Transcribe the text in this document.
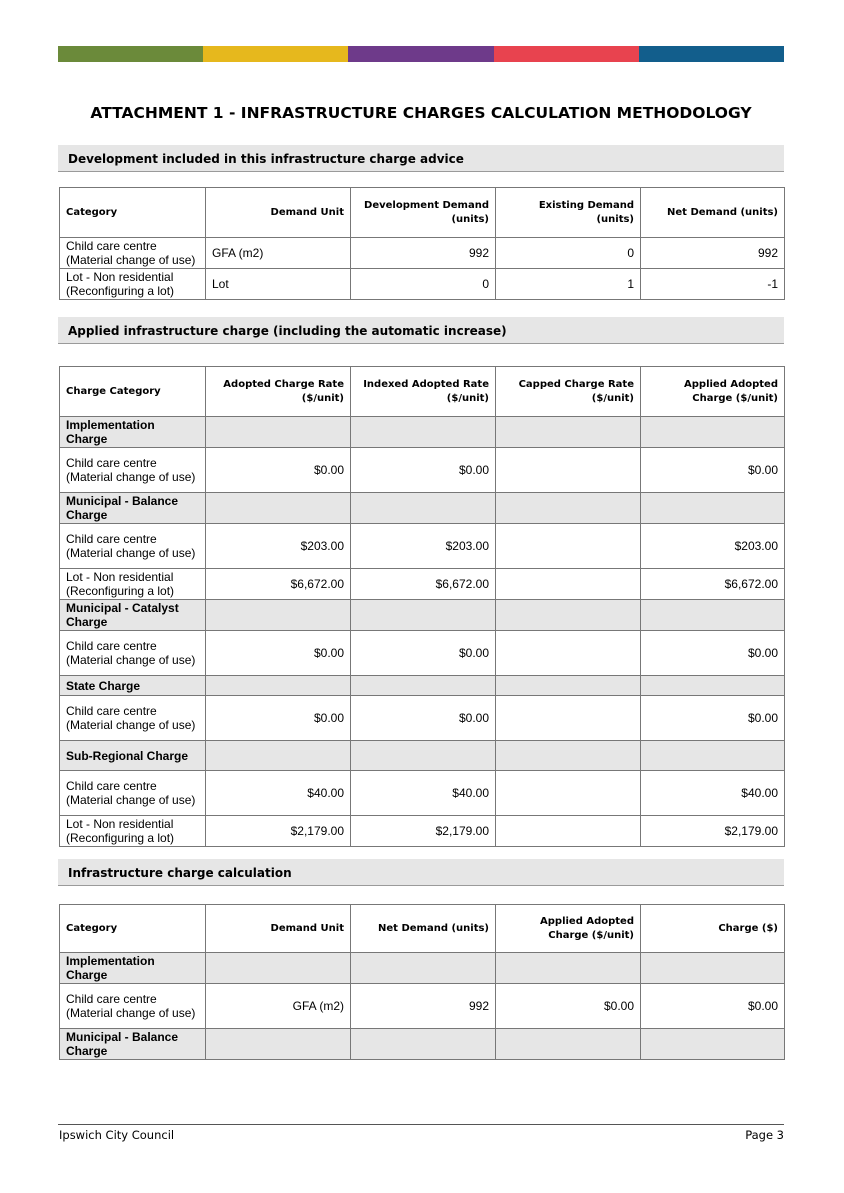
ATTACHMENT 1 - INFRASTRUCTURE CHARGES CALCULATION METHODOLOGY
Development included in this infrastructure charge advice
Category	Demand Unit	Development Demand (units)	Existing Demand (units)	Net Demand (units)
Child care centre (Material change of use)	GFA (m2)	992	0	992
Lot - Non residential (Reconfiguring a lot)	Lot	0	1	-1
Applied infrastructure charge (including the automatic increase)
Charge Category	Adopted Charge Rate ($/unit)	Indexed Adopted Rate ($/unit)	Capped Charge Rate ($/unit)	Applied Adopted Charge ($/unit)
Implementation Charge				
Child care centre (Material change of use)	$0.00	$0.00		$0.00
Municipal - Balance Charge				
Child care centre (Material change of use)	$203.00	$203.00		$203.00
Lot - Non residential (Reconfiguring a lot)	$6,672.00	$6,672.00		$6,672.00
Municipal - Catalyst Charge				
Child care centre (Material change of use)	$0.00	$0.00		$0.00
State Charge				
Child care centre (Material change of use)	$0.00	$0.00		$0.00
Sub-Regional Charge				
Child care centre (Material change of use)	$40.00	$40.00		$40.00
Lot - Non residential (Reconfiguring a lot)	$2,179.00	$2,179.00		$2,179.00
Infrastructure charge calculation
Category	Demand Unit	Net Demand (units)	Applied Adopted Charge ($/unit)	Charge ($)
Implementation Charge				
Child care centre (Material change of use)	GFA (m2)	992	$0.00	$0.00
Municipal - Balance Charge				
Ipswich City Council	Page 3
